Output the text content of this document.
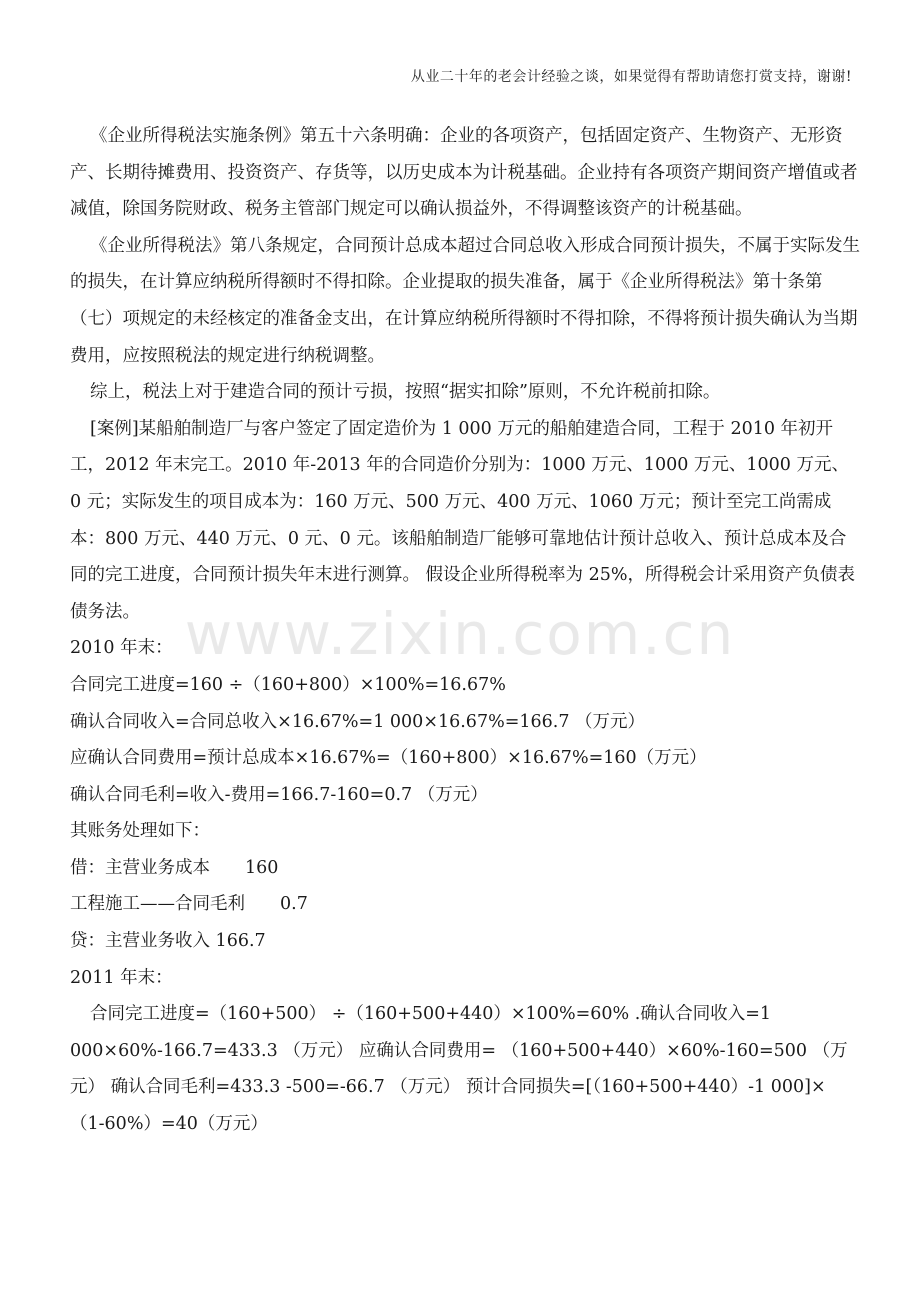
从业二十年的老会计经验之谈，如果觉得有帮助请您打赏支持，谢谢!
www.zixin.com.cn

《企业所得税法实施条例》第五十六条明确：企业的各项资产，包括固定资产、生物资产、无形资产、长期待摊费用、投资资产、存货等，以历史成本为计税基础。企业持有各项资产期间资产增值或者减值，除国务院财政、税务主管部门规定可以确认损益外，不得调整该资产的计税基础。

《企业所得税法》第八条规定，合同预计总成本超过合同总收入形成合同预计损失，不属于实际发生的损失，在计算应纳税所得额时不得扣除。企业提取的损失准备，属于《企业所得税法》第十条第（七）项规定的未经核定的准备金支出，在计算应纳税所得额时不得扣除，不得将预计损失确认为当期费用，应按照税法的规定进行纳税调整。

综上，税法上对于建造合同的预计亏损，按照“据实扣除”原则，不允许税前扣除。

[案例]某船舶制造厂与客户签定了固定造价为 1 000 万元的船舶建造合同，工程于 2010 年初开工，2012 年末完工。2010 年-2013 年的合同造价分别为：1000 万元、1000 万元、1000 万元、0 元；实际发生的项目成本为：160 万元、500 万元、400 万元、1060 万元；预计至完工尚需成本：800 万元、440 万元、0 元、0 元。该船舶制造厂能够可靠地估计预计总收入、预计总成本及合同的完工进度，合同预计损失年末进行测算。 假设企业所得税率为 25%，所得税会计采用资产负债表债务法。

2010 年末：

合同完工进度=160 ÷（160+800）×100%=16.67%

确认合同收入=合同总收入×16.67%=1 000×16.67%=166.7 （万元）

应确认合同费用=预计总成本×16.67%=（160+800）×16.67%=160（万元）

确认合同毛利=收入-费用=166.7-160=0.7 （万元）

其账务处理如下：

借：主营业务成本　　160

工程施工——合同毛利　　0.7

贷：主营业务收入 166.7

2011 年末：

合同完工进度=（160+500） ÷（160+500+440）×100%=60% .确认合同收入=1 000×60%-166.7=433.3 （万元） 应确认合同费用= （160+500+440）×60%-160=500 （万元） 确认合同毛利=433.3 -500=-66.7 （万元） 预计合同损失=[（160+500+440）-1 000]×（1-60%）=40（万元）
